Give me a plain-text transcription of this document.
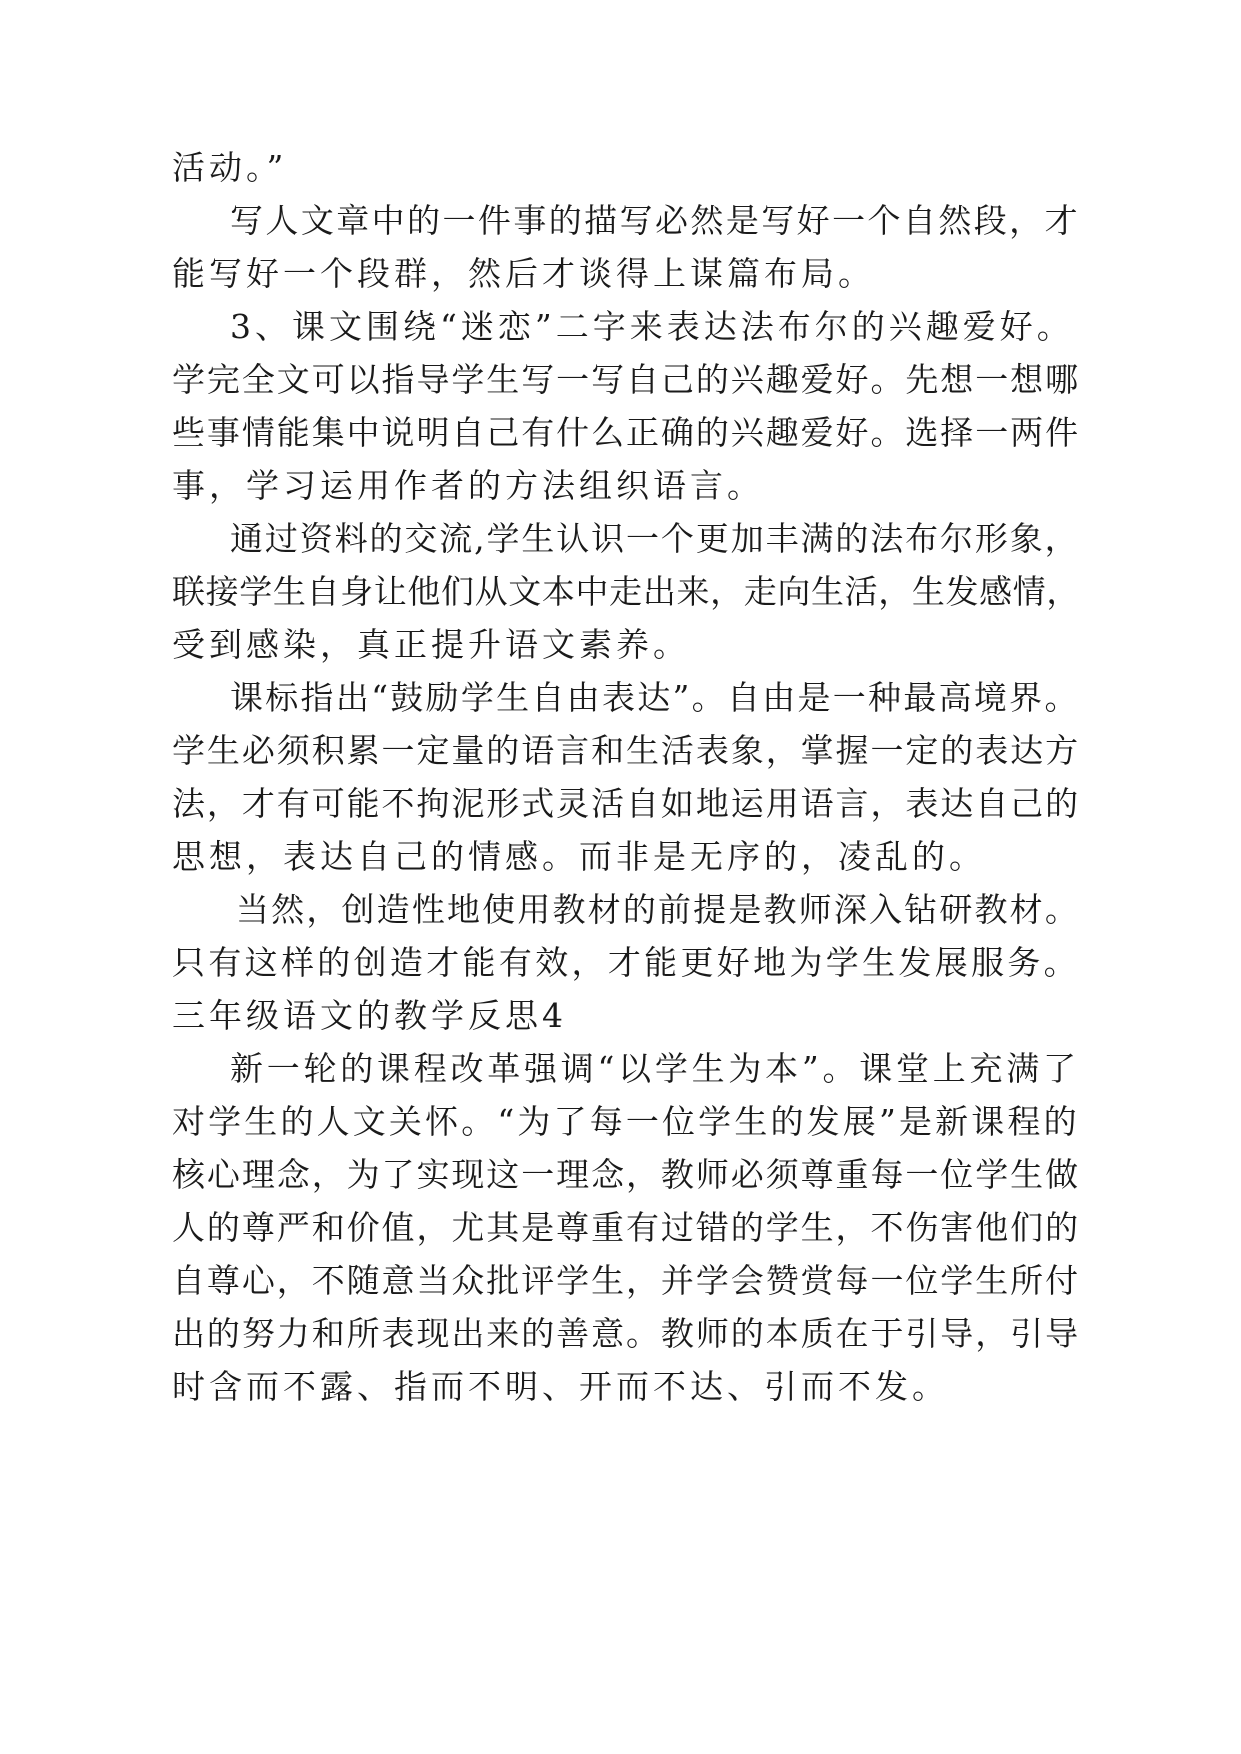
活动。”
写人文章中的一件事的描写必然是写好一个自然段，才
能写好一个段群，然后才谈得上谋篇布局。
3、课文围绕“迷恋”二字来表达法布尔的兴趣爱好。
学完全文可以指导学生写一写自己的兴趣爱好。先想一想哪
些事情能集中说明自己有什么正确的兴趣爱好。选择一两件
事，学习运用作者的方法组织语言。
通过资料的交流,学生认识一个更加丰满的法布尔形象，
联接学生自身让他们从文本中走出来，走向生活，生发感情，
受到感染，真正提升语文素养。
课标指出“鼓励学生自由表达”。自由是一种最高境界。
学生必须积累一定量的语言和生活表象，掌握一定的表达方
法，才有可能不拘泥形式灵活自如地运用语言，表达自己的
思想，表达自己的情感。而非是无序的，凌乱的。
当然，创造性地使用教材的前提是教师深入钻研教材。
只有这样的创造才能有效，才能更好地为学生发展服务。
三年级语文的教学反思4
新一轮的课程改革强调“以学生为本”。课堂上充满了
对学生的人文关怀。“为了每一位学生的发展”是新课程的
核心理念，为了实现这一理念，教师必须尊重每一位学生做
人的尊严和价值，尤其是尊重有过错的学生，不伤害他们的
自尊心，不随意当众批评学生，并学会赞赏每一位学生所付
出的努力和所表现出来的善意。教师的本质在于引导，引导
时含而不露、指而不明、开而不达、引而不发。
